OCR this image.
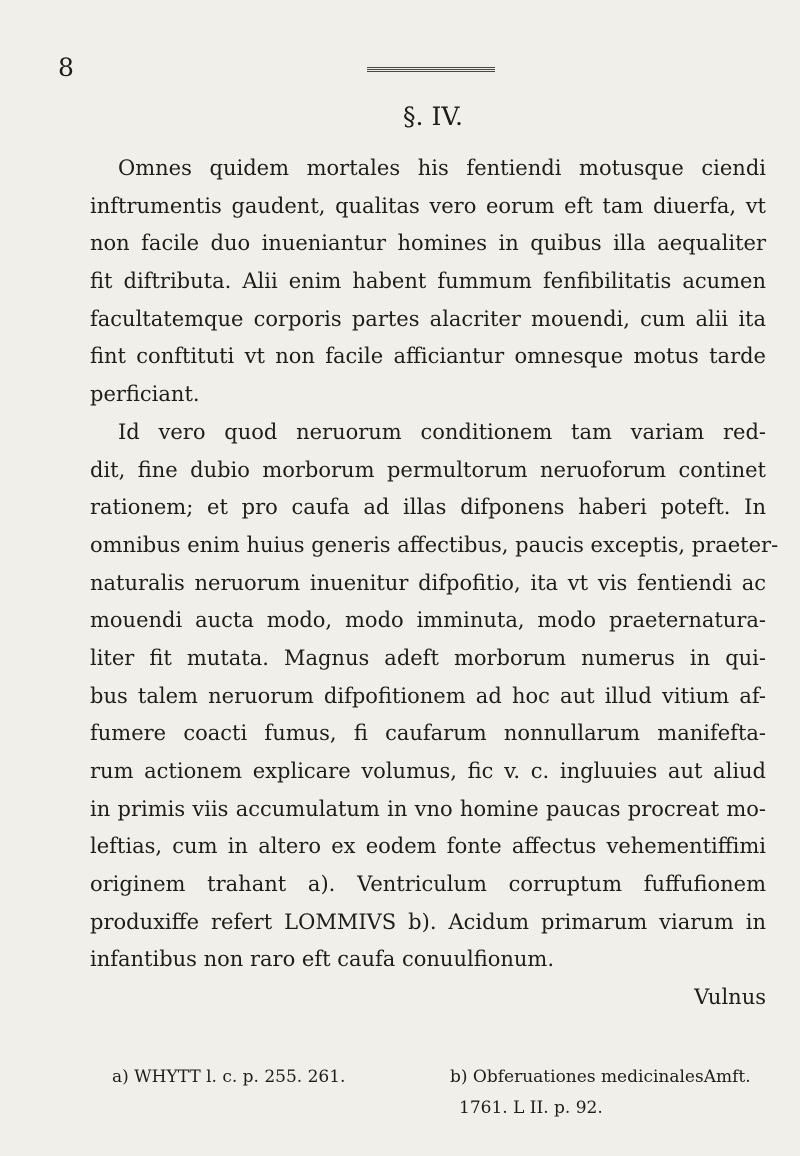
8
§. IV.
Omnes quidem mortales his fentiendi motusque ciendi
inftrumentis gaudent, qualitas vero eorum eft tam diuerfa, vt
non facile duo inueniantur homines in quibus illa aequaliter
fit diftributa. Alii enim habent fummum fenfibilitatis acumen
facultatemque corporis partes alacriter mouendi, cum alii ita
fint conftituti vt non facile afficiantur omnesque motus tarde
perficiant.
Id vero quod neruorum conditionem tam variam red-
dit, fine dubio morborum permultorum neruoforum continet
rationem; et pro caufa ad illas difponens haberi poteft. In
omnibus enim huius generis affectibus, paucis exceptis, praeter-
naturalis neruorum inuenitur difpofitio, ita vt vis fentiendi ac
mouendi aucta modo, modo imminuta, modo praeternatura-
liter fit mutata. Magnus adeft morborum numerus in qui-
bus talem neruorum difpofitionem ad hoc aut illud vitium af-
fumere coacti fumus, fi caufarum nonnullarum manifefta-
rum actionem explicare volumus, fic v. c. ingluuies aut aliud
in primis viis accumulatum in vno homine paucas procreat mo-
leftias, cum in altero ex eodem fonte affectus vehementiffimi
originem trahant a). Ventriculum corruptum fuffufionem
produxiffe refert LOMMIVS b). Acidum primarum viarum in
infantibus non raro eft caufa conuulfionum.
Vulnus
a) WHYTT l. c. p. 255. 261.	b) Obferuationes medicinalesAmft.
1761. L II. p. 92.
